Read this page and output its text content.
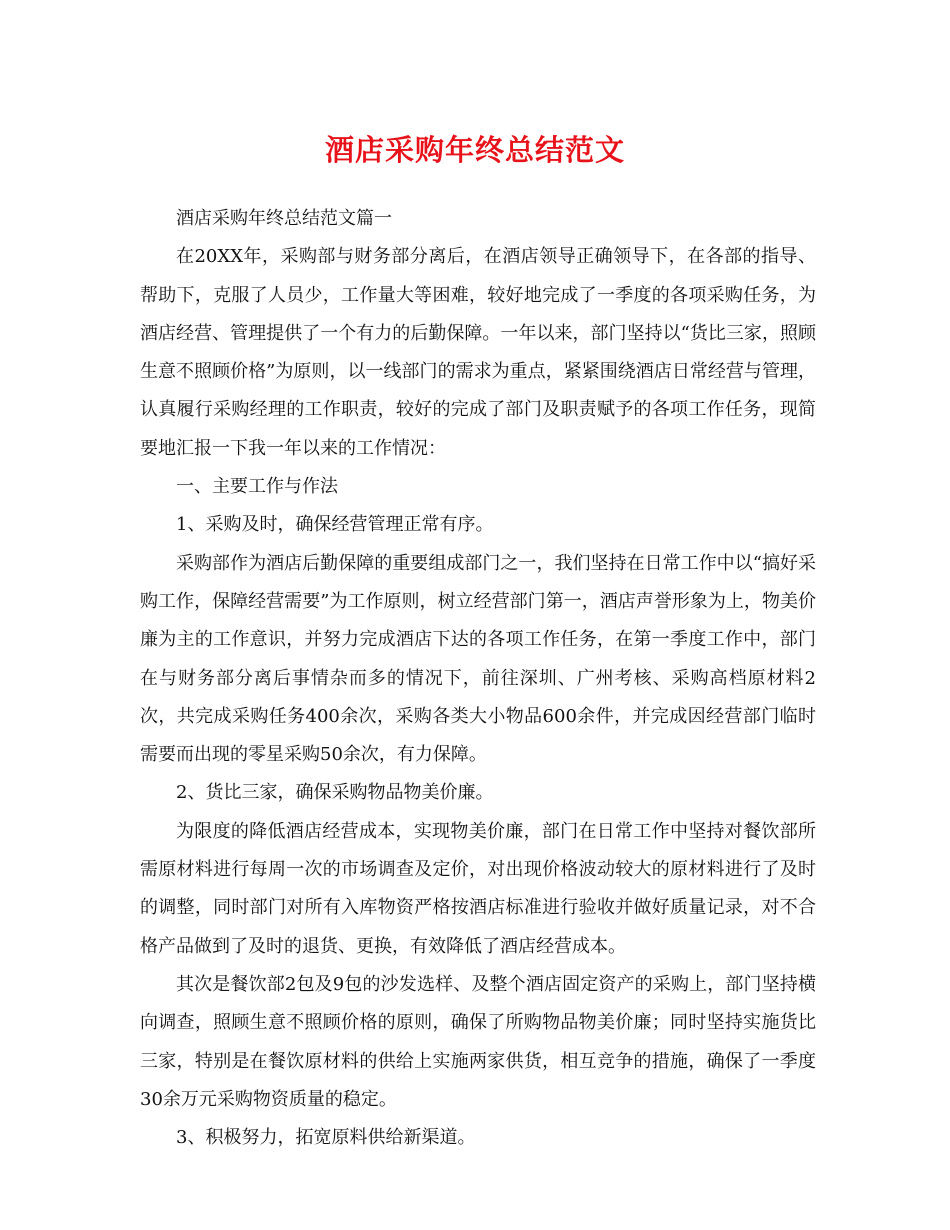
酒店采购年终总结范文

酒店采购年终总结范文篇一

在20XX年，采购部与财务部分离后，在酒店领导正确领导下，在各部的指导、帮助下，克服了人员少，工作量大等困难，较好地完成了一季度的各项采购任务，为酒店经营、管理提供了一个有力的后勤保障。一年以来，部门坚持以“货比三家，照顾生意不照顾价格”为原则，以一线部门的需求为重点，紧紧围绕酒店日常经营与管理，认真履行采购经理的工作职责，较好的完成了部门及职责赋予的各项工作任务，现简要地汇报一下我一年以来的工作情况：

一、主要工作与作法

1、采购及时，确保经营管理正常有序。

采购部作为酒店后勤保障的重要组成部门之一，我们坚持在日常工作中以“搞好采购工作，保障经营需要”为工作原则，树立经营部门第一，酒店声誉形象为上，物美价廉为主的工作意识，并努力完成酒店下达的各项工作任务，在第一季度工作中，部门在与财务部分离后事情杂而多的情况下，前往深圳、广州考核、采购高档原材料2次，共完成采购任务400余次，采购各类大小物品600余件，并完成因经营部门临时需要而出现的零星采购50余次，有力保障。

2、货比三家，确保采购物品物美价廉。

为限度的降低酒店经营成本，实现物美价廉，部门在日常工作中坚持对餐饮部所需原材料进行每周一次的市场调查及定价，对出现价格波动较大的原材料进行了及时的调整，同时部门对所有入库物资严格按酒店标准进行验收并做好质量记录，对不合格产品做到了及时的退货、更换，有效降低了酒店经营成本。

其次是餐饮部2包及9包的沙发选样、及整个酒店固定资产的采购上，部门坚持横向调查，照顾生意不照顾价格的原则，确保了所购物品物美价廉；同时坚持实施货比三家，特别是在餐饮原材料的供给上实施两家供货，相互竞争的措施，确保了一季度30余万元采购物资质量的稳定。

3、积极努力，拓宽原料供给新渠道。
